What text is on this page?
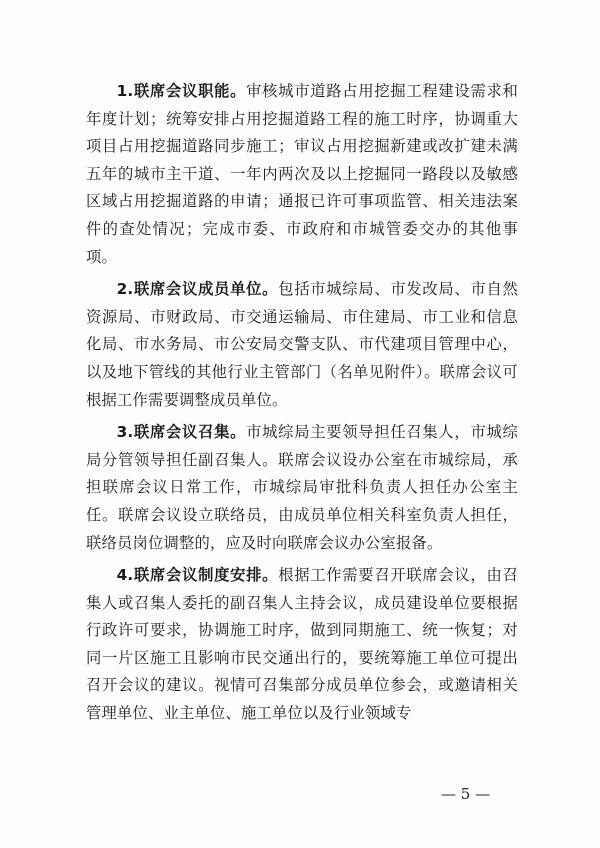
1.联席会议职能。审核城市道路占用挖掘工程建设需求和年度计划；统筹安排占用挖掘道路工程的施工时序，协调重大项目占用挖掘道路同步施工；审议占用挖掘新建或改扩建未满五年的城市主干道、一年内两次及以上挖掘同一路段以及敏感区域占用挖掘道路的申请；通报已许可事项监管、相关违法案件的查处情况；完成市委、市政府和市城管委交办的其他事项。

2.联席会议成员单位。包括市城综局、市发改局、市自然资源局、市财政局、市交通运输局、市住建局、市工业和信息化局、市水务局、市公安局交警支队、市代建项目管理中心，以及地下管线的其他行业主管部门（名单见附件）。联席会议可根据工作需要调整成员单位。

3.联席会议召集。市城综局主要领导担任召集人，市城综局分管领导担任副召集人。联席会议设办公室在市城综局，承担联席会议日常工作，市城综局审批科负责人担任办公室主任。联席会议设立联络员，由成员单位相关科室负责人担任，联络员岗位调整的，应及时向联席会议办公室报备。

4.联席会议制度安排。根据工作需要召开联席会议，由召集人或召集人委托的副召集人主持会议，成员建设单位要根据行政许可要求，协调施工时序，做到同期施工、统一恢复；对同一片区施工且影响市民交通出行的，要统筹施工单位可提出召开会议的建议。视情可召集部分成员单位参会，或邀请相关管理单位、业主单位、施工单位以及行业领域专

— 5 —
